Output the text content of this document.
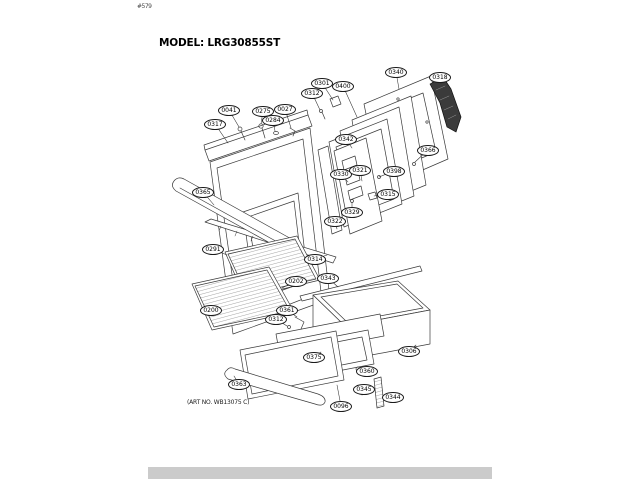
#579
MODEL: LRG30855ST
(ART NO. WB13075 C)
0301
0312
0400
0340
0318
0041	0275	0027
0284
0317
0342
0366
0330
0321	0398
0315
0329
0322
0365
0291
0314
0202	0343
0200	0361
0312
0375
0306
0360
0345
0344
0096
0363
